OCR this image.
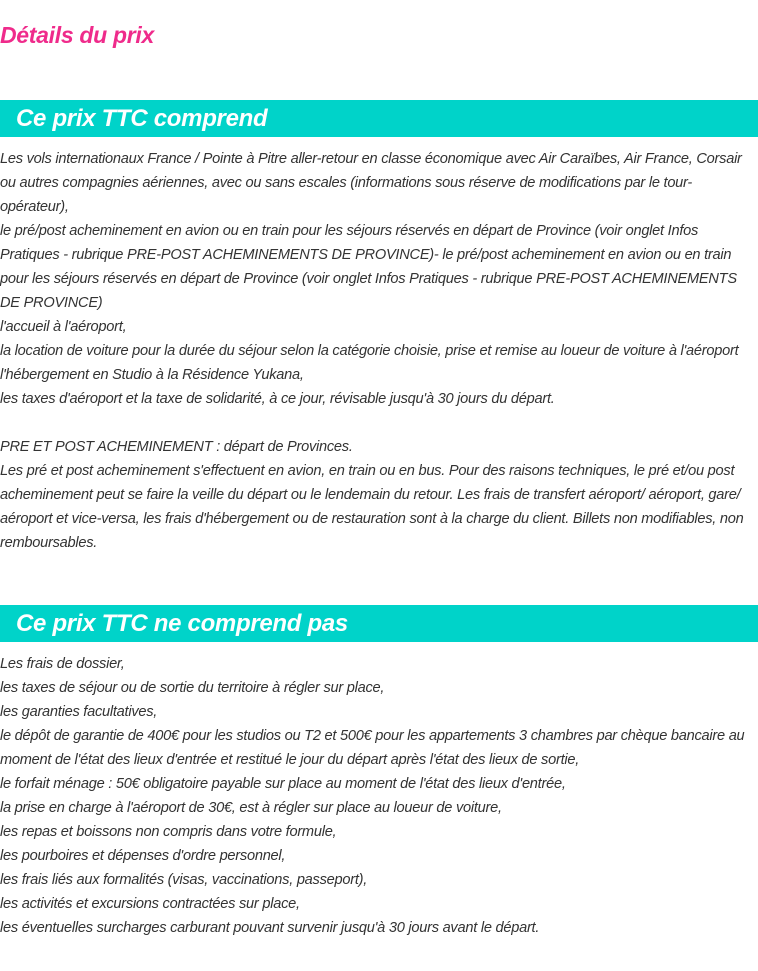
Détails du prix
Ce prix TTC comprend

Les vols internationaux France / Pointe à Pitre aller-retour en classe économique avec Air Caraïbes, Air France, Corsair ou autres compagnies aériennes, avec ou sans escales (informations sous réserve de modifications par le tour-opérateur),

le pré/post acheminement en avion ou en train pour les séjours réservés en départ de Province (voir onglet Infos Pratiques - rubrique PRE-POST ACHEMINEMENTS DE PROVINCE)- le pré/post acheminement en avion ou en train pour les séjours réservés en départ de Province (voir onglet Infos Pratiques - rubrique PRE-POST ACHEMINEMENTS DE PROVINCE)

l'accueil à l'aéroport,

la location de voiture pour la durée du séjour selon la catégorie choisie, prise et remise au loueur de voiture à l'aéroport

l'hébergement en Studio à la Résidence Yukana,

les taxes d'aéroport et la taxe de solidarité, à ce jour, révisable jusqu'à 30 jours du départ.

PRE ET POST ACHEMINEMENT : départ de Provinces.

Les pré et post acheminement s'effectuent en avion, en train ou en bus. Pour des raisons techniques, le pré et/ou post acheminement peut se faire la veille du départ ou le lendemain du retour. Les frais de transfert aéroport/ aéroport, gare/ aéroport et vice-versa, les frais d'hébergement ou de restauration sont à la charge du client. Billets non modifiables, non remboursables.

Ce prix TTC ne comprend pas

Les frais de dossier,

les taxes de séjour ou de sortie du territoire à régler sur place,

les garanties facultatives,

le dépôt de garantie de 400€ pour les studios ou T2 et 500€ pour les appartements 3 chambres par chèque bancaire au moment de l'état des lieux d'entrée et restitué le jour du départ après l'état des lieux de sortie,

le forfait ménage : 50€ obligatoire payable sur place au moment de l'état des lieux d'entrée,

la prise en charge à l'aéroport de 30€, est à régler sur place au loueur de voiture,

les repas et boissons non compris dans votre formule,

les pourboires et dépenses d'ordre personnel,

les frais liés aux formalités (visas, vaccinations, passeport),

les activités et excursions contractées sur place,

les éventuelles surcharges carburant pouvant survenir jusqu'à 30 jours avant le départ.
